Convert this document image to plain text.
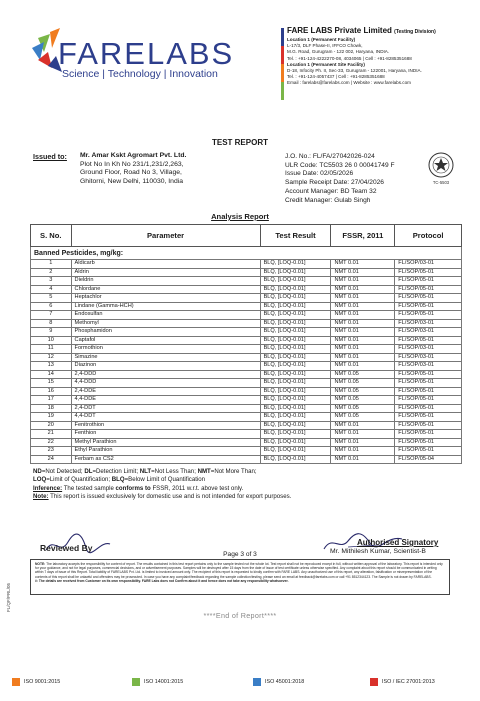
FARELABS
Science | Technology | Innovation
FARE LABS Private Limited (Testing Division)
Location 1 (Permanent Facility)
L-17/3, DLF Phase-II, IFFCO Chowk,
M.G. Road, Gurugram - 122 002, Haryana, INDIA.
Tel. : +91-124-4222270-08, 4034065 | Cell : +91-8285351688
Location 1 (Permanent Site Facility)
D-18, Infocity Ph. II, Sec-33, Gurugram - 122001, Haryana, INDIA.
Tel. : +91-124-4057437 | Cell : +91-8285351688
Email : farelabs@farelabs.com | Website : www.farelabs.com
TEST REPORT
Issued to: Mr. Amar Kskt Agromart Pvt. Ltd.
Plot No In Kh No 231/1,231/2,263,
Ground Floor, Road No 3, Village,
Ghitorni, New Delhi, 110030, India
J.O. No.: FL/FA/27042026-024
ULR Code: TC5503 26 0 00041749 F
Issue Date: 02/05/2026
Sample Receipt Date: 27/04/2026
Account Manager: BD Team 32
Credit Manager: Gulab Singh
TC-5503
Analysis Report
S. No.	Parameter	Test Result	FSSR, 2011	Protocol
Banned Pesticides, mg/kg:				
1	Aldicarb	BLQ, [LOQ-0.01]	NMT 0.01	FL/SOP/03-01
2	Aldrin	BLQ, [LOQ-0.01]	NMT 0.01	FL/SOP/05-01
3	Dieldrin	BLQ, [LOQ-0.01]	NMT 0.01	FL/SOP/05-01
4	Chlordane	BLQ, [LOQ-0.01]	NMT 0.01	FL/SOP/05-01
5	Heptachlor	BLQ, [LOQ-0.01]	NMT 0.01	FL/SOP/05-01
6	Lindane (Gamma-HCH)	BLQ, [LOQ-0.01]	NMT 0.01	FL/SOP/05-01
7	Endosulfan	BLQ, [LOQ-0.01]	NMT 0.01	FL/SOP/05-01
8	Methomyl	BLQ, [LOQ-0.01]	NMT 0.01	FL/SOP/03-01
9	Phosphamidon	BLQ, [LOQ-0.01]	NMT 0.01	FL/SOP/03-01
10	Captafol	BLQ, [LOQ-0.01]	NMT 0.01	FL/SOP/05-01
11	Formothion	BLQ, [LOQ-0.01]	NMT 0.01	FL/SOP/03-01
12	Simazine	BLQ, [LOQ-0.01]	NMT 0.01	FL/SOP/03-01
13	Diazinon	BLQ, [LOQ-0.01]	NMT 0.01	FL/SOP/03-01
14	2,4-DDD	BLQ, [LOQ-0.01]	NMT 0.05	FL/SOP/05-01
15	4,4-DDD	BLQ, [LOQ-0.01]	NMT 0.05	FL/SOP/05-01
16	2,4-DDE	BLQ, [LOQ-0.01]	NMT 0.05	FL/SOP/05-01
17	4,4-DDE	BLQ, [LOQ-0.01]	NMT 0.05	FL/SOP/05-01
18	2,4-DDT	BLQ, [LOQ-0.01]	NMT 0.05	FL/SOP/05-01
19	4,4-DDT	BLQ, [LOQ-0.01]	NMT 0.05	FL/SOP/05-01
20	Fenitrothion	BLQ, [LOQ-0.01]	NMT 0.01	FL/SOP/05-01
21	Fenthion	BLQ, [LOQ-0.01]	NMT 0.01	FL/SOP/05-01
22	Methyl Parathion	BLQ, [LOQ-0.01]	NMT 0.01	FL/SOP/05-01
23	Ethyl Parathion	BLQ, [LOQ-0.01]	NMT 0.01	FL/SOP/05-01
24	Ferbam as CS2	BLQ, [LOQ-0.01]	NMT 0.01	FL/SOP/05-04
ND=Not Detected; DL=Detection Limit; NLT=Not Less Than; NMT=Not More Than;
LOQ=Limit of Quantification; BLQ=Below Limit of Quantification
Inference: The tested sample conforms to FSSR, 2011 w.r.t. above test only.
Note: This report is issued exclusively for domestic use and is not intended for export purposes.
Reviewed By
Page 3 of 3
Authorised Signatory
Mr. Mithilesh Kumar, Scientist-B
NOTE: The laboratory accepts the responsibility for content of report. The results contained in this test report pertains only to the sample tested not the whole lot. Test report shall not be reproduced except in full, without written approval of the laboratory. This report is intended only for your guidance, and not for legal purposes, commercial decisions, and or advertisement purposes. Samples will be destroyed after 15 days from the date of issue of test certificate unless otherwise specified. Any complaint about this report should be communicated in writing within 7 days of issue of this Report. Total liability of FARELABS Pvt. Ltd. is limited to invoiced amount only. The recipient of this report is requested to kindly confirm with FARE LABS. Any unauthorized use of this report, any alteration, falsification or misrepresentation of the contents of this report shall be unlawful and offenders may be prosecuted. In case you have any complaint/feedback regarding the sample collection/testing, please send an email at feedback@farelabs.com or call +91 8512344123. The Sample is not drawn by FARELABS.
#: The details are received from Customer on its own responsibility. FARE Labs does not Confirm about it and hence does not take any responsibility whatsoever.
****End of Report****
FL/QF/PRL/05
ISO 9001:2015	ISO 14001:2015	ISO 45001:2018	ISO / IEC 27001:2013
